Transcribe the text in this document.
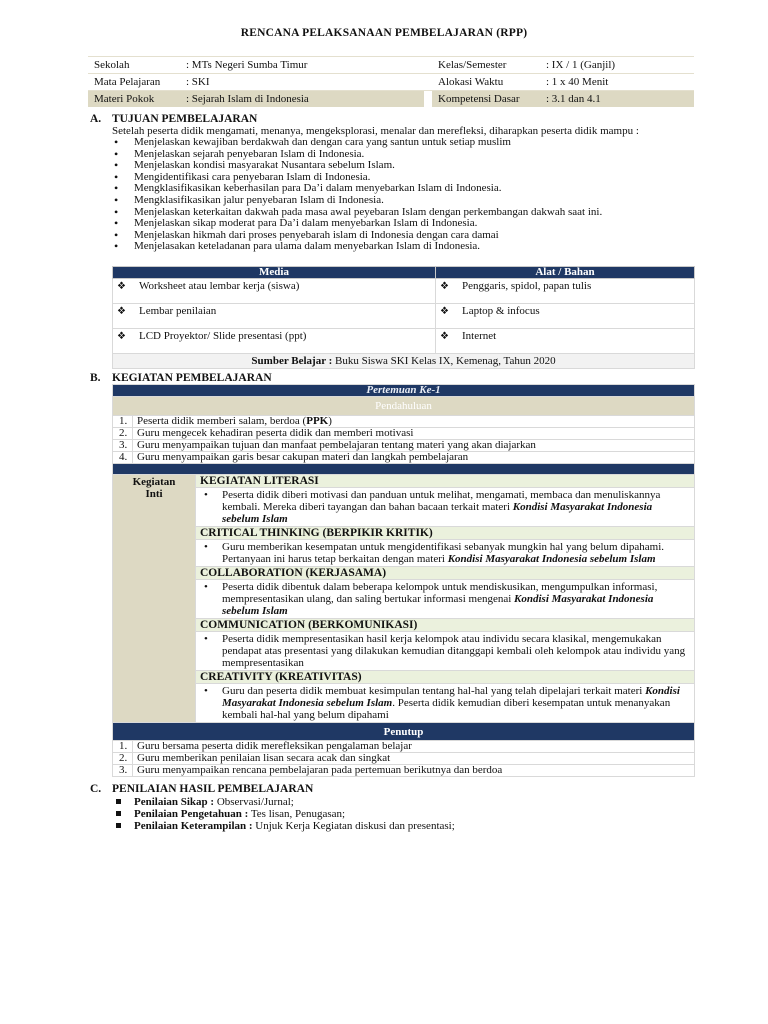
RENCANA PELAKSANAAN PEMBELAJARAN (RPP)
Sekolah	: MTs Negeri Sumba Timur		Kelas/Semester	: IX / 1 (Ganjil)
Mata Pelajaran	: SKI		Alokasi Waktu	: 1 x 40 Menit
Materi Pokok	: Sejarah Islam di Indonesia		Kompetensi Dasar	: 3.1 dan 4.1
A. TUJUAN PEMBELAJARAN
Setelah peserta didik mengamati, menanya, mengeksplorasi, menalar dan merefleksi, diharapkan peserta didik mampu :
• Menjelaskan kewajiban berdakwah dan dengan cara yang santun untuk setiap muslim
• Menjelaskan sejarah penyebaran Islam di Indonesia.
• Menjelaskan kondisi masyarakat Nusantara sebelum Islam.
• Mengidentifikasi cara penyebaran Islam di Indonesia.
• Mengklasifikasikan keberhasilan para Da’i dalam menyebarkan Islam di Indonesia.
• Mengklasifikasikan jalur penyebaran Islam di Indonesia.
• Menjelaskan keterkaitan dakwah pada masa awal peyebaran Islam dengan perkembangan dakwah saat ini.
• Menjelaskan sikap moderat para Da’i dalam menyebarkan Islam di Indonesia.
• Menjelaskan hikmah dari proses penyebarah islam di Indonesia dengan cara damai
• Menjelasakan keteladanan para ulama dalam menyebarkan Islam di Indonesia.
Media	Alat / Bahan
❖ Worksheet atau lembar kerja (siswa)	❖ Penggaris, spidol, papan tulis
❖ Lembar penilaian	❖ Laptop & infocus
❖ LCD Proyektor/ Slide presentasi (ppt)	❖ Internet
Sumber Belajar : Buku Siswa SKI Kelas IX, Kemenag, Tahun 2020	
B. KEGIATAN PEMBELAJARAN
Pertemuan Ke-1		
Pendahuluan		
1.	Peserta didik memberi salam, berdoa (PPK)	
2.	Guru mengecek kehadiran peserta didik dan memberi motivasi	
3.	Guru menyampaikan tujuan dan manfaat pembelajaran tentang materi yang akan diajarkan	
4.	Guru menyampaikan garis besar cakupan materi dan langkah pembelajaran	

Kegiatan
Inti		KEGIATAN LITERASI

		• Peserta didik diberi motivasi dan panduan untuk melihat, mengamati, membaca dan menuliskannya kembali. Mereka diberi tayangan dan bahan bacaan terkait materi Kondisi Masyarakat Indonesia sebelum Islam

		CRITICAL THINKING (BERPIKIR KRITIK)

		• Guru memberikan kesempatan untuk mengidentifikasi sebanyak mungkin hal yang belum dipahami. Pertanyaan ini harus tetap berkaitan dengan materi Kondisi Masyarakat Indonesia sebelum Islam

		COLLABORATION (KERJASAMA)

		• Peserta didik dibentuk dalam beberapa kelompok untuk mendiskusikan, mengumpulkan informasi, mempresentasikan ulang, dan saling bertukar informasi mengenai Kondisi Masyarakat Indonesia sebelum Islam

		COMMUNICATION (BERKOMUNIKASI)

		• Peserta didik mempresentasikan hasil kerja kelompok atau individu secara klasikal, mengemukakan pendapat atas presentasi yang dilakukan kemudian ditanggapi kembali oleh kelompok atau individu yang mempresentasikan

		CREATIVITY (KREATIVITAS)

		• Guru dan peserta didik membuat kesimpulan tentang hal-hal yang telah dipelajari terkait materi Kondisi Masyarakat Indonesia sebelum Islam. Peserta didik kemudian diberi kesempatan untuk menanyakan kembali hal-hal yang belum dipahami

Penutup		
1.	Guru bersama peserta didik merefleksikan pengalaman belajar	
2.	Guru memberikan penilaian lisan secara acak dan singkat	
3.	Guru menyampaikan rencana pembelajaran pada pertemuan berikutnya dan berdoa	
C. PENILAIAN HASIL PEMBELAJARAN
Penilaian Sikap : Observasi/Jurnal;
Penilaian Pengetahuan : Tes lisan, Penugasan;
Penilaian Keterampilan : Unjuk Kerja Kegiatan diskusi dan presentasi;
